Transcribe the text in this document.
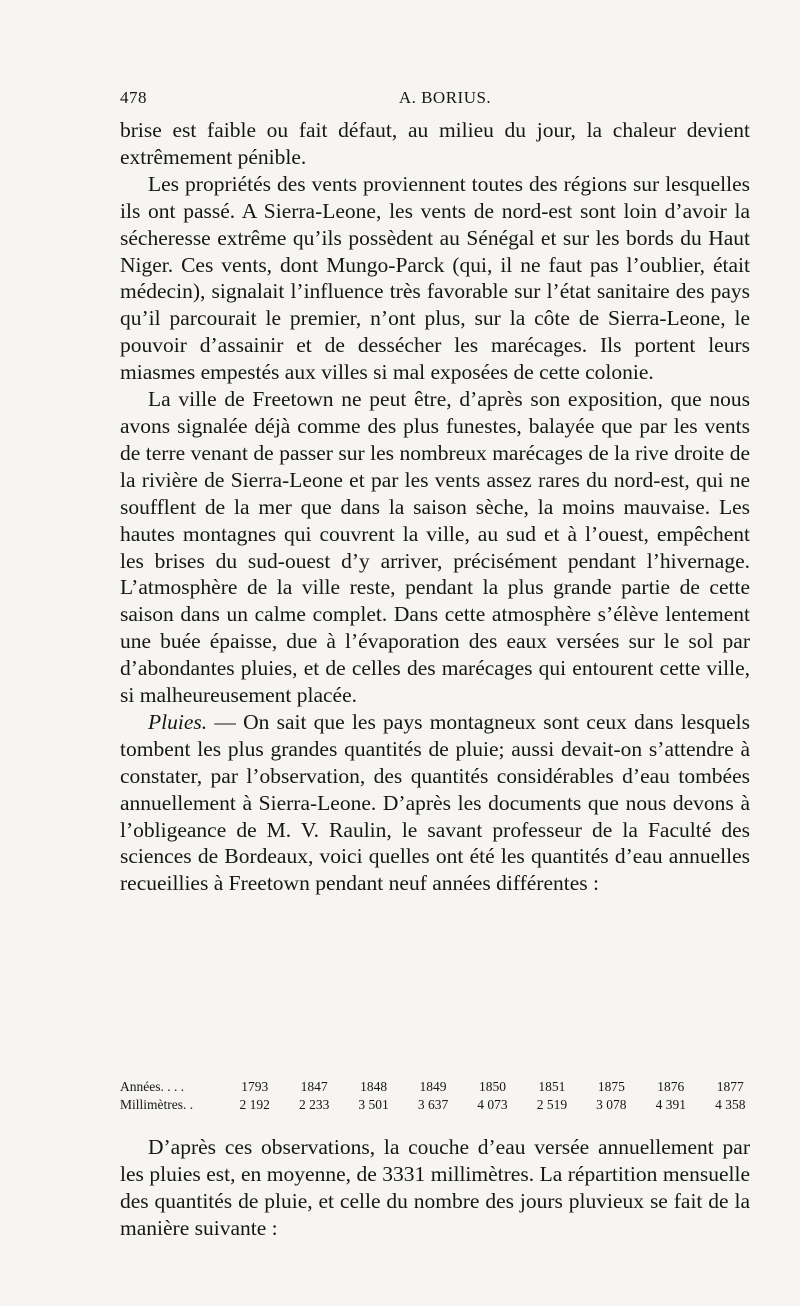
478	A. BORIUS.

brise est faible ou fait défaut, au milieu du jour, la chaleur devient extrêmement pénible.

Les propriétés des vents proviennent toutes des régions sur lesquelles ils ont passé. A Sierra-Leone, les vents de nord-est sont loin d’avoir la sécheresse extrême qu’ils possèdent au Sénégal et sur les bords du Haut Niger. Ces vents, dont Mungo-Parck (qui, il ne faut pas l’oublier, était médecin), signalait l’influence très favorable sur l’état sanitaire des pays qu’il parcourait le premier, n’ont plus, sur la côte de Sierra-Leone, le pouvoir d’assainir et de dessécher les marécages. Ils portent leurs miasmes empestés aux villes si mal exposées de cette colonie.

La ville de Freetown ne peut être, d’après son exposition, que nous avons signalée déjà comme des plus funestes, balayée que par les vents de terre venant de passer sur les nombreux marécages de la rive droite de la rivière de Sierra-Leone et par les vents assez rares du nord-est, qui ne soufflent de la mer que dans la saison sèche, la moins mauvaise. Les hautes montagnes qui couvrent la ville, au sud et à l’ouest, empêchent les brises du sud-ouest d’y arriver, précisément pendant l’hivernage. L’atmosphère de la ville reste, pendant la plus grande partie de cette saison dans un calme complet. Dans cette atmosphère s’élève lentement une buée épaisse, due à l’évaporation des eaux versées sur le sol par d’abondantes pluies, et de celles des marécages qui entourent cette ville, si malheureusement placée.

Pluies. — On sait que les pays montagneux sont ceux dans lesquels tombent les plus grandes quantités de pluie; aussi devait-on s’attendre à constater, par l’observation, des quantités considérables d’eau tombées annuellement à Sierra-Leone. D’après les documents que nous devons à l’obligeance de M. V. Raulin, le savant professeur de la Faculté des sciences de Bordeaux, voici quelles ont été les quantités d’eau annuelles recueillies à Freetown pendant neuf années différentes :

Années. . . .	1793	1847	1848	1849	1850	1851	1875	1876	1877
Millimètres. .	2 192	2 233	3 501	3 637	4 073	2 519	3 078	4 391	4 358

D’après ces observations, la couche d’eau versée annuellement par les pluies est, en moyenne, de 3331 millimètres. La répartition mensuelle des quantités de pluie, et celle du nombre des jours pluvieux se fait de la manière suivante :
